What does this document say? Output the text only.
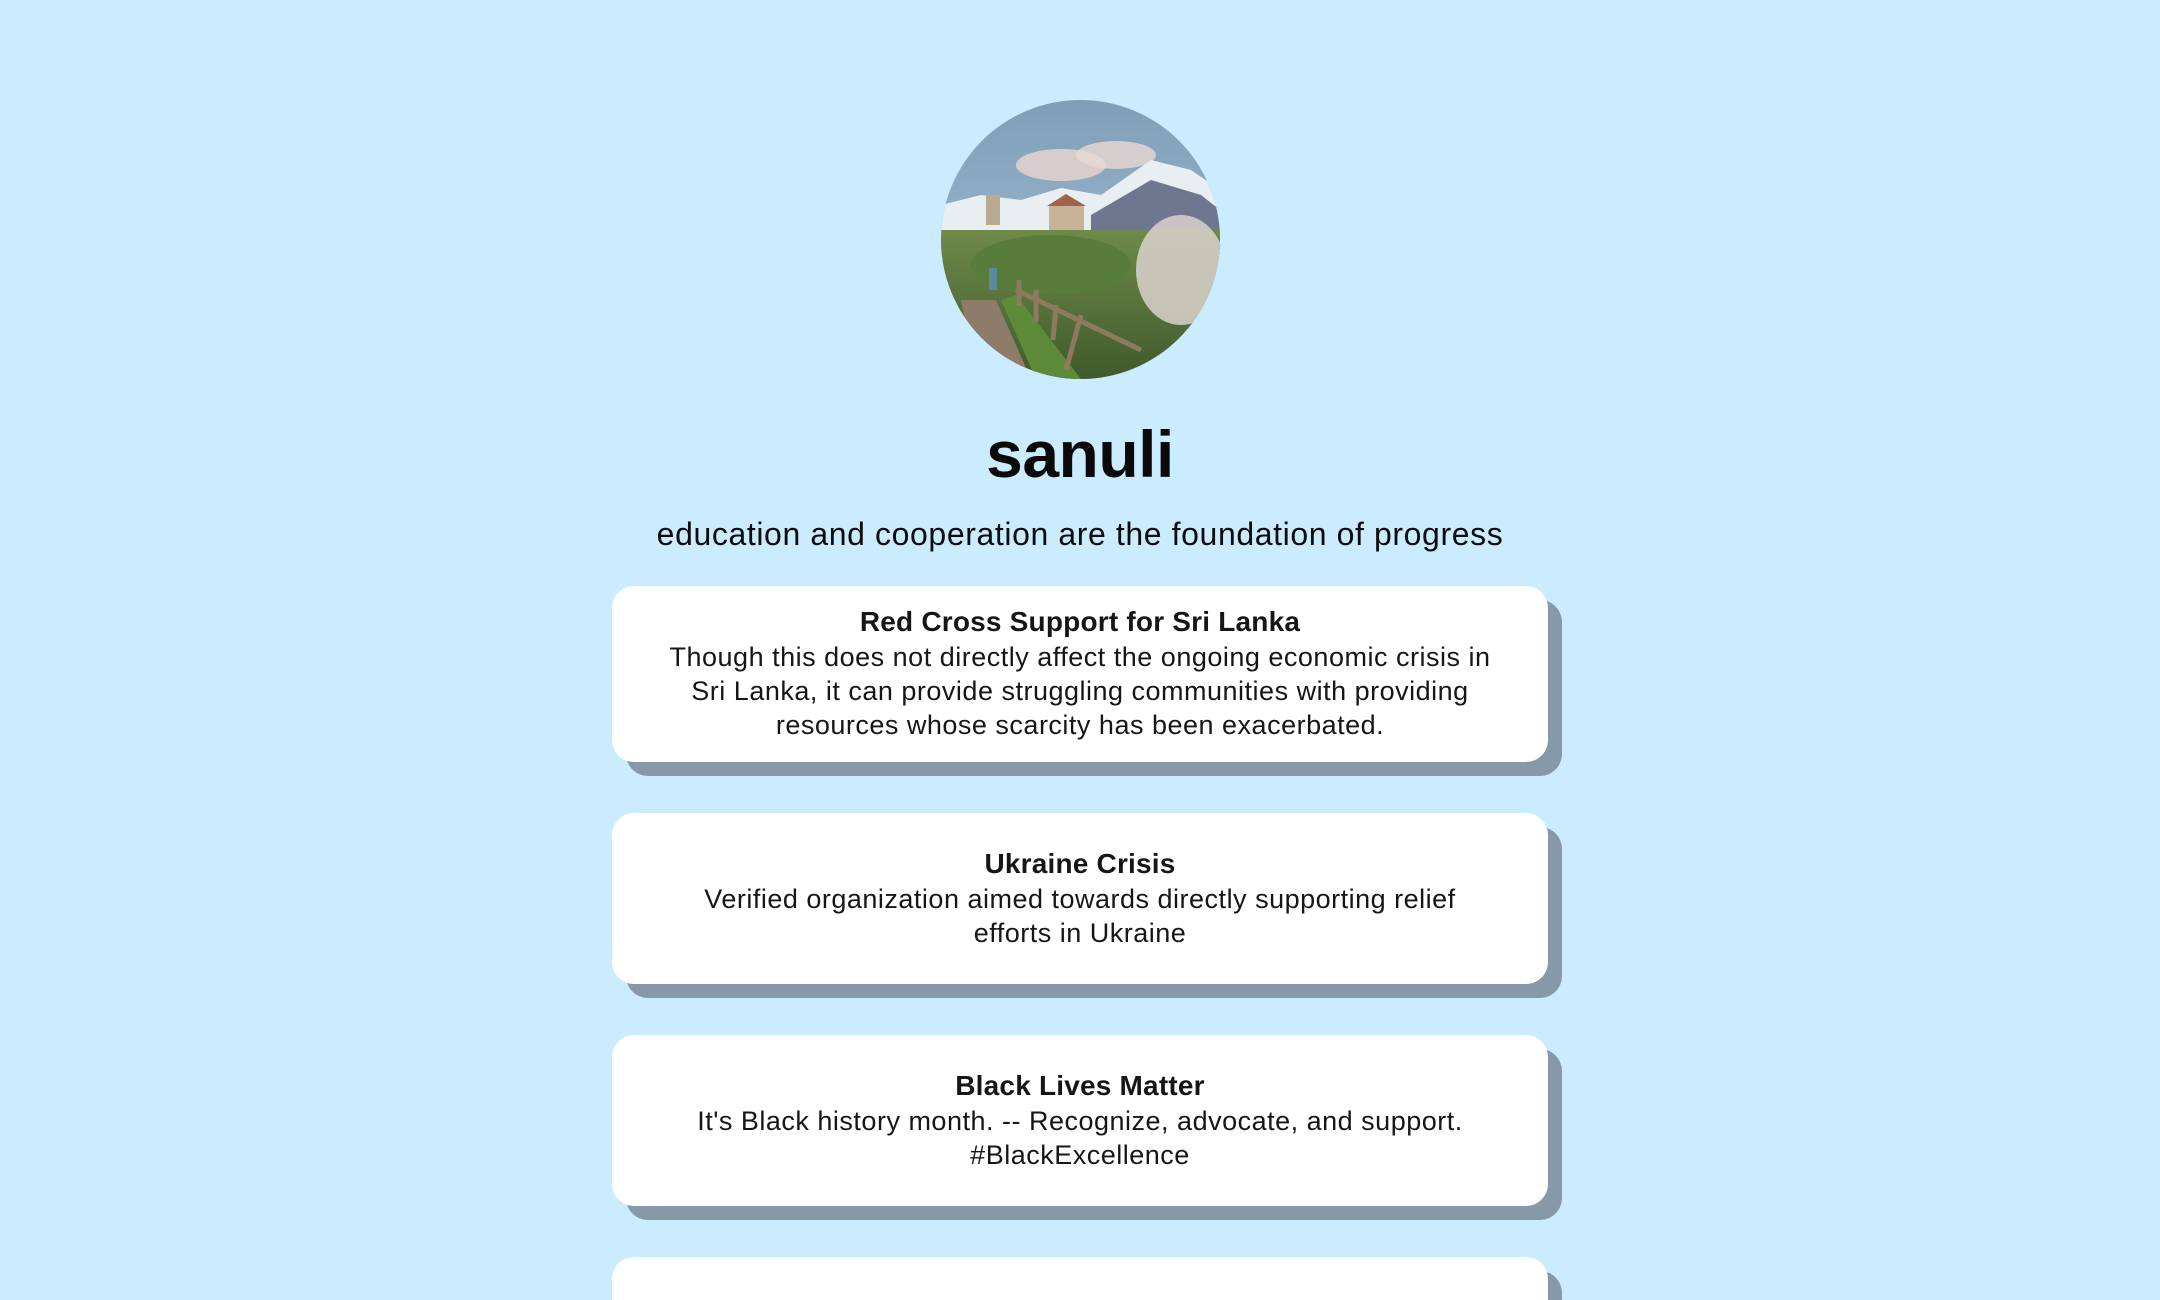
sanuli
education and cooperation are the foundation of progress
Red Cross Support for Sri Lanka
Though this does not directly affect the ongoing economic crisis in
Sri Lanka, it can provide struggling communities with providing
resources whose scarcity has been exacerbated.
Ukraine Crisis
Verified organization aimed towards directly supporting relief
efforts in Ukraine
Black Lives Matter
It's Black history month. -- Recognize, advocate, and support.
#BlackExcellence
